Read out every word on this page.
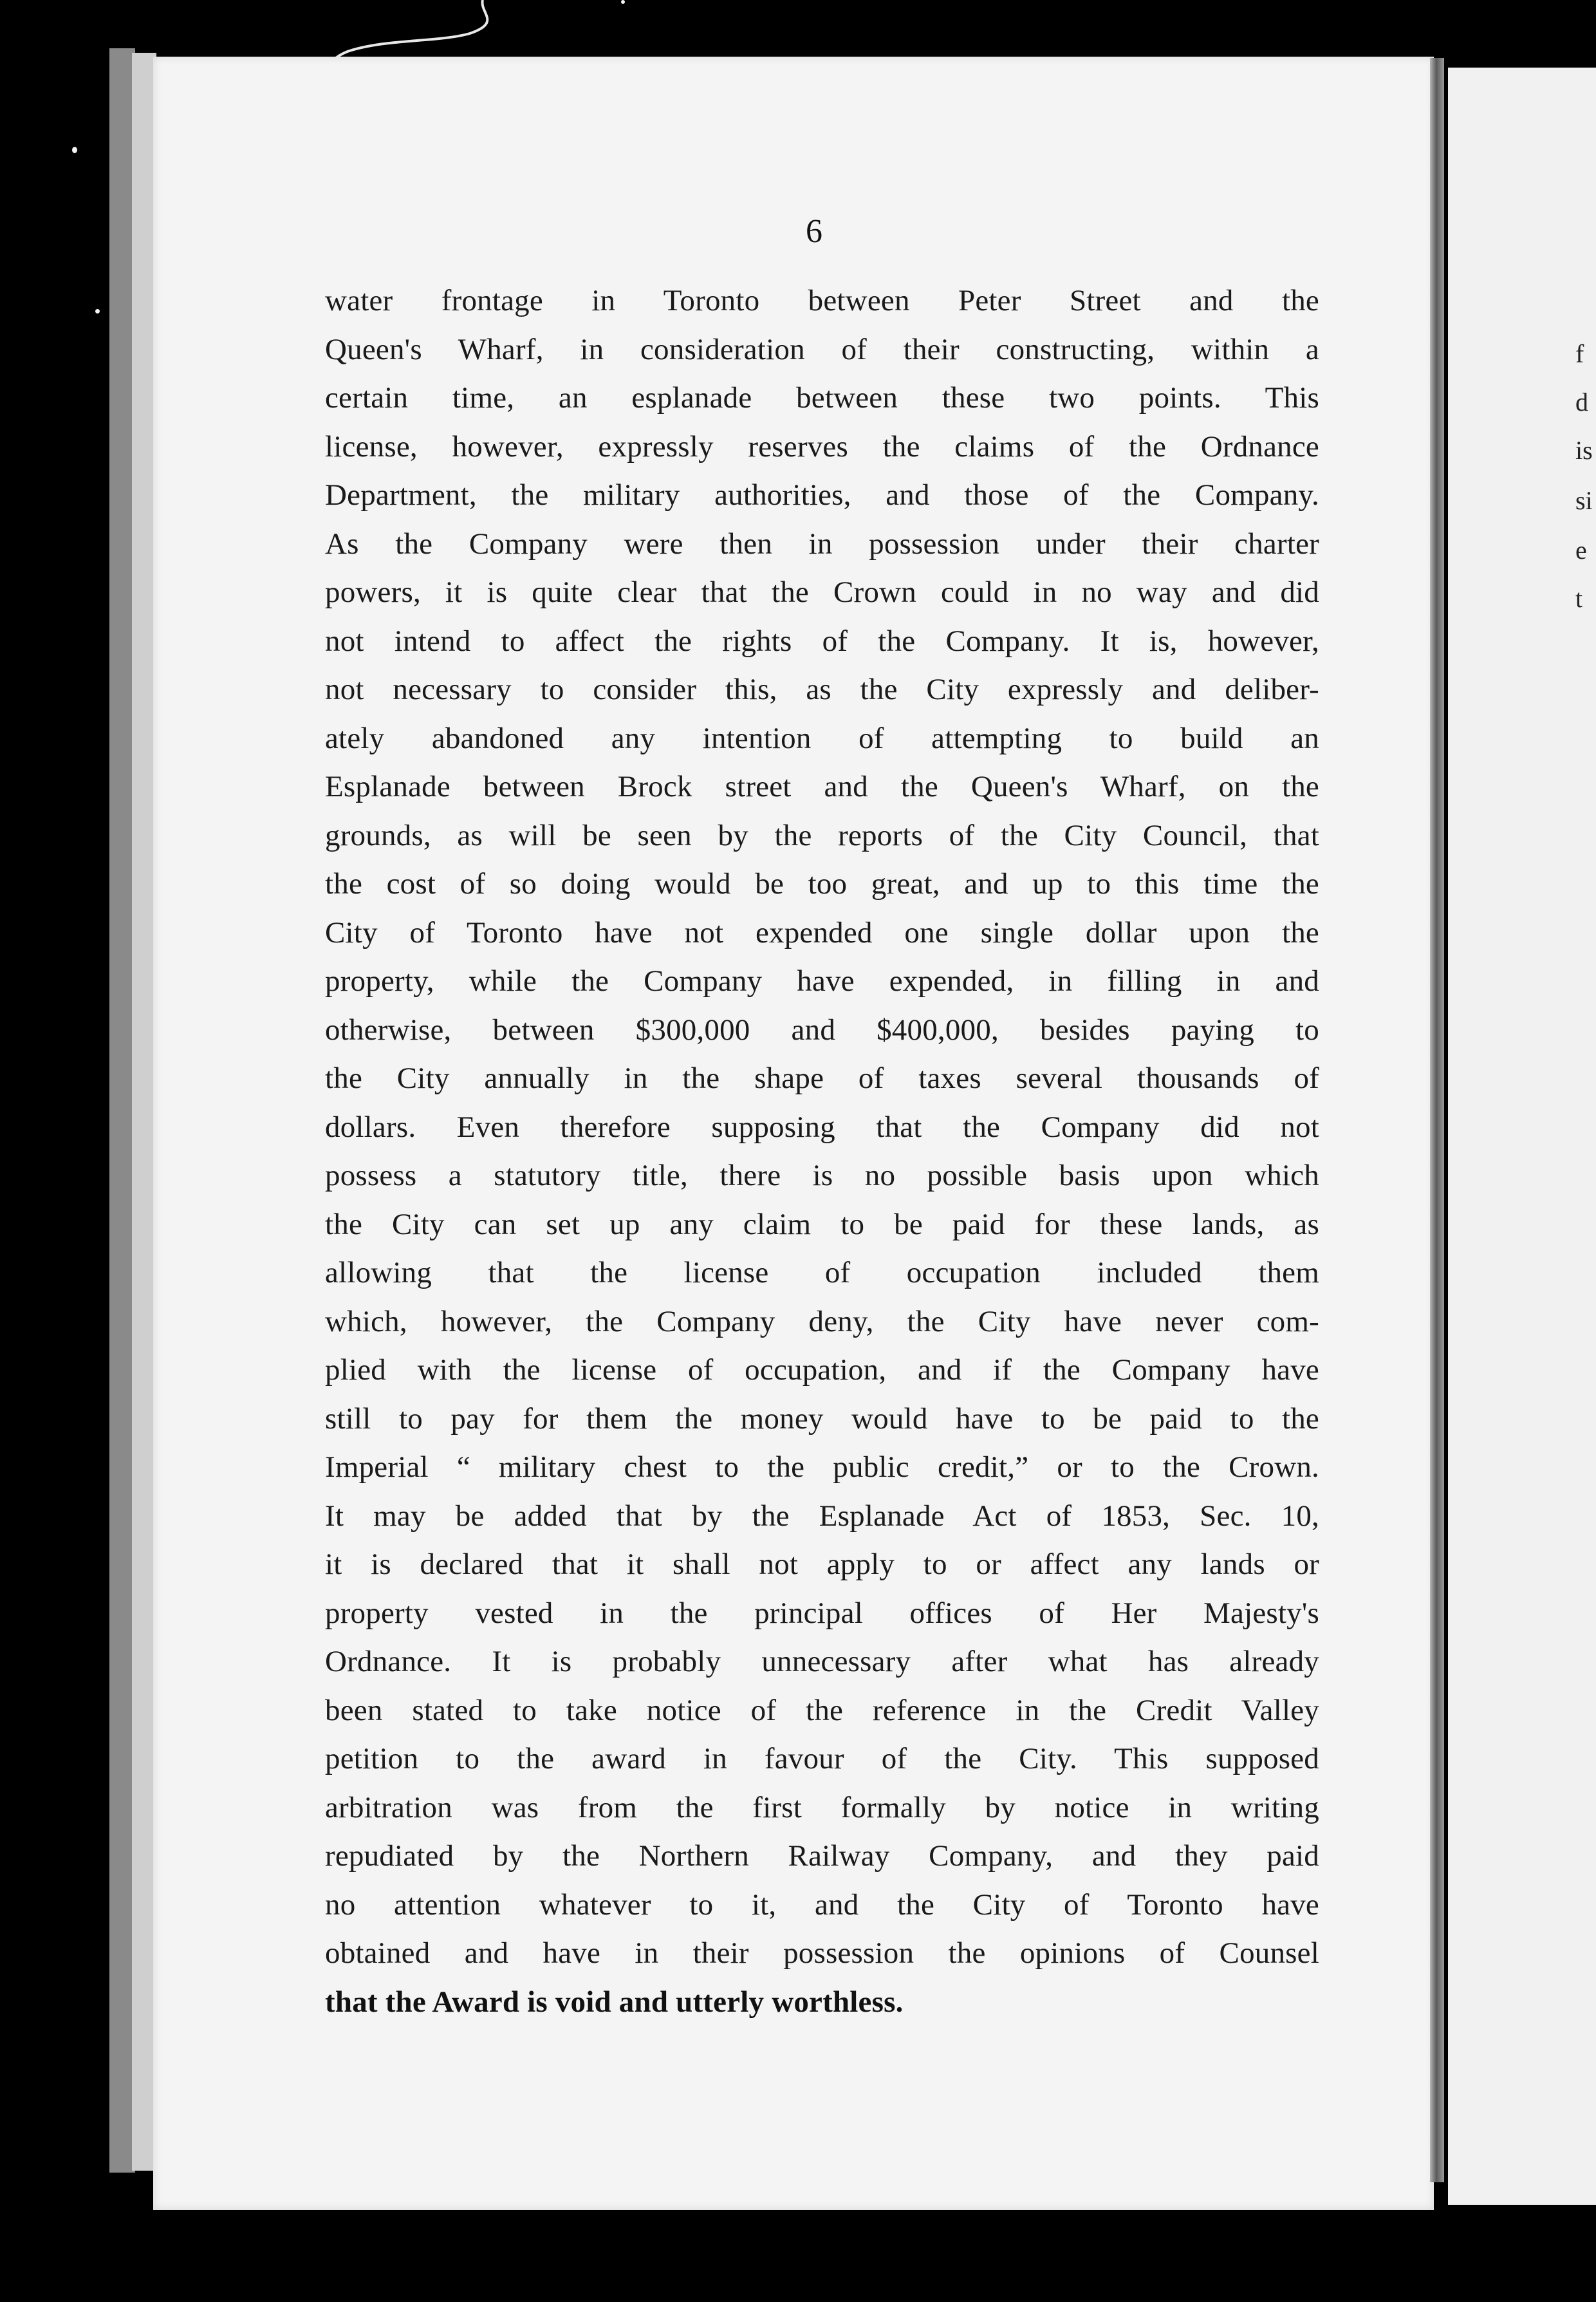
f
d
is
si
e
t
6
water frontage in Toronto between Peter Street and the
Queen's Wharf, in consideration of their constructing, within a
certain time, an esplanade between these two points. This
license, however, expressly reserves the claims of the Ordnance
Department, the military authorities, and those of the Company.
As the Company were then in possession under their charter
powers, it is quite clear that the Crown could in no way and did
not intend to affect the rights of the Company. It is, however,
not necessary to consider this, as the City expressly and deliber-
ately abandoned any intention of attempting to build an
Esplanade between Brock street and the Queen's Wharf, on the
grounds, as will be seen by the reports of the City Council, that
the cost of so doing would be too great, and up to this time the
City of Toronto have not expended one single dollar upon the
property, while the Company have expended, in filling in and
otherwise, between $300,000 and $400,000, besides paying to
the City annually in the shape of taxes several thousands of
dollars. Even therefore supposing that the Company did not
possess a statutory title, there is no possible basis upon which
the City can set up any claim to be paid for these lands, as
allowing that the license of occupation included them
which, however, the Company deny, the City have never com-
plied with the license of occupation, and if the Company have
still to pay for them the money would have to be paid to the
Imperial “ military chest to the public credit,” or to the Crown.
It may be added that by the Esplanade Act of 1853, Sec. 10,
it is declared that it shall not apply to or affect any lands or
property vested in the principal offices of Her Majesty's
Ordnance. It is probably unnecessary after what has already
been stated to take notice of the reference in the Credit Valley
petition to the award in favour of the City. This supposed
arbitration was from the first formally by notice in writing
repudiated by the Northern Railway Company, and they paid
no attention whatever to it, and the City of Toronto have
obtained and have in their possession the opinions of Counsel
that the Award is void and utterly worthless.
